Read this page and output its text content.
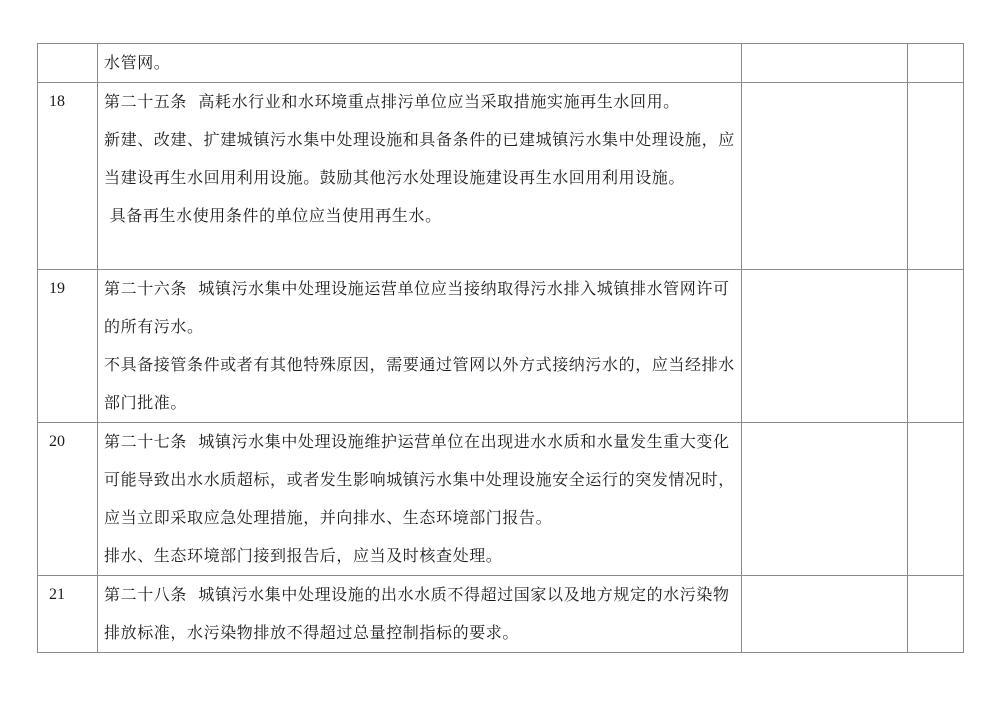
	水管网。		

18	第二十五条  高耗水行业和水环境重点排污单位应当采取措施实施再生水回用。
新建、改建、扩建城镇污水集中处理设施和具备条件的已建城镇污水集中处理设施，应当建设再生水回用利用设施。鼓励其他污水处理设施建设再生水回用利用设施。
具备再生水使用条件的单位应当使用再生水。		

19	第二十六条  城镇污水集中处理设施运营单位应当接纳取得污水排入城镇排水管网许可的所有污水。
不具备接管条件或者有其他特殊原因，需要通过管网以外方式接纳污水的，应当经排水部门批准。		

20	第二十七条  城镇污水集中处理设施维护运营单位在出现进水水质和水量发生重大变化可能导致出水水质超标，或者发生影响城镇污水集中处理设施安全运行的突发情况时，应当立即采取应急处理措施，并向排水、生态环境部门报告。
排水、生态环境部门接到报告后，应当及时核查处理。		

21	第二十八条  城镇污水集中处理设施的出水水质不得超过国家以及地方规定的水污染物排放标准，水污染物排放不得超过总量控制指标的要求。		
